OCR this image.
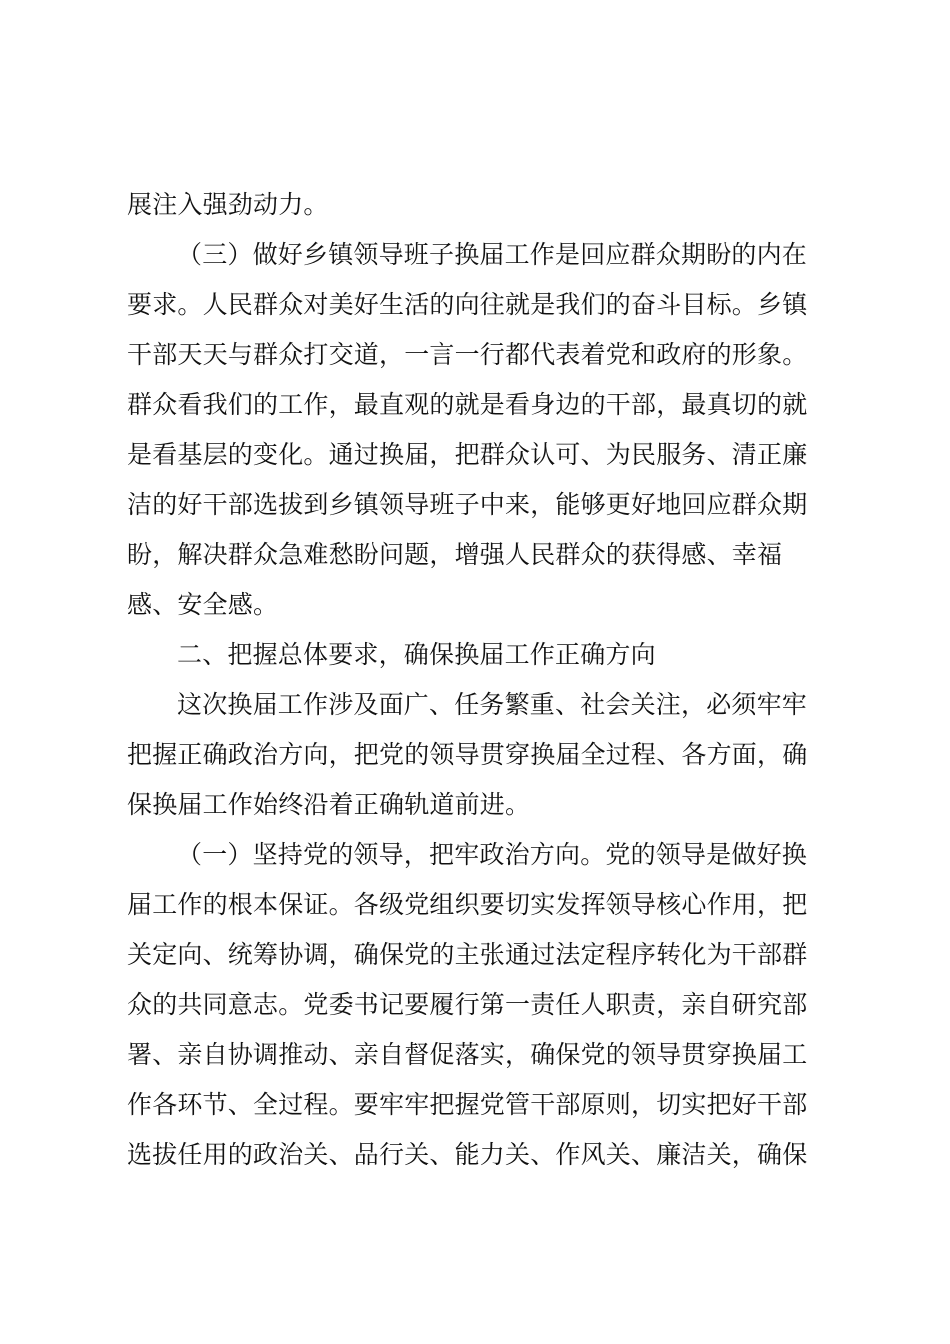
展注入强劲动力。
（三）做好乡镇领导班子换届工作是回应群众期盼的内在
要求。人民群众对美好生活的向往就是我们的奋斗目标。乡镇
干部天天与群众打交道，一言一行都代表着党和政府的形象。
群众看我们的工作，最直观的就是看身边的干部，最真切的就
是看基层的变化。通过换届，把群众认可、为民服务、清正廉
洁的好干部选拔到乡镇领导班子中来，能够更好地回应群众期
盼，解决群众急难愁盼问题，增强人民群众的获得感、幸福
感、安全感。
二、把握总体要求，确保换届工作正确方向
这次换届工作涉及面广、任务繁重、社会关注，必须牢牢
把握正确政治方向，把党的领导贯穿换届全过程、各方面，确
保换届工作始终沿着正确轨道前进。
（一）坚持党的领导，把牢政治方向。党的领导是做好换
届工作的根本保证。各级党组织要切实发挥领导核心作用，把
关定向、统筹协调，确保党的主张通过法定程序转化为干部群
众的共同意志。党委书记要履行第一责任人职责，亲自研究部
署、亲自协调推动、亲自督促落实，确保党的领导贯穿换届工
作各环节、全过程。要牢牢把握党管干部原则，切实把好干部
选拔任用的政治关、品行关、能力关、作风关、廉洁关，确保
